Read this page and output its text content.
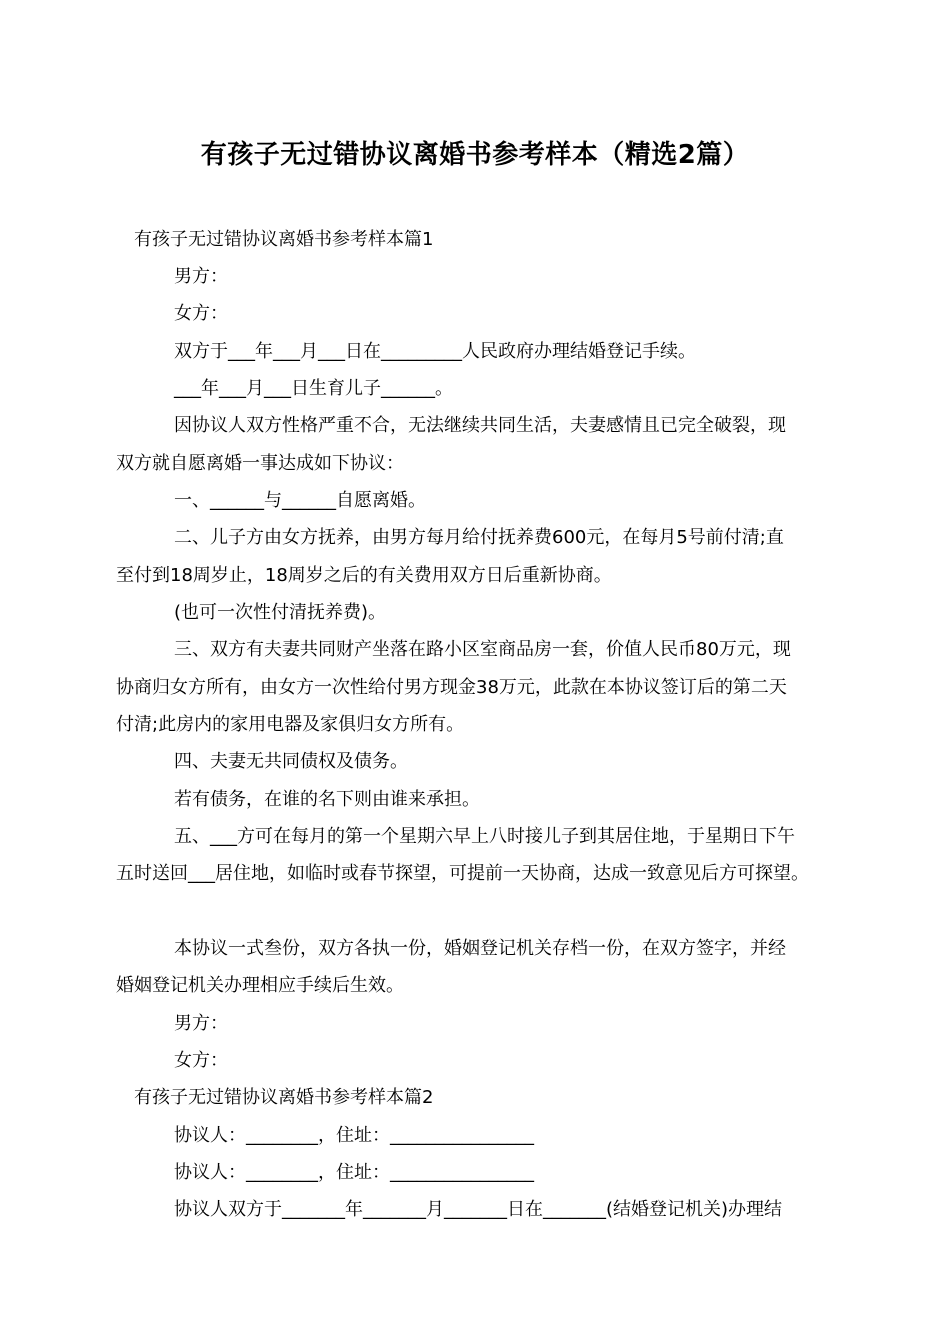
有孩子无过错协议离婚书参考样本（精选2篇）
有孩子无过错协议离婚书参考样本篇1
男方：
女方：
双方于___年___月___日在_________人民政府办理结婚登记手续。
___年___月___日生育儿子______。
因协议人双方性格严重不合，无法继续共同生活，夫妻感情且已完全破裂，现
双方就自愿离婚一事达成如下协议：
一、______与______自愿离婚。
二、儿子方由女方抚养，由男方每月给付抚养费600元，在每月5号前付清;直
至付到18周岁止，18周岁之后的有关费用双方日后重新协商。
(也可一次性付清抚养费)。
三、双方有夫妻共同财产坐落在路小区室商品房一套，价值人民币80万元，现
协商归女方所有，由女方一次性给付男方现金38万元，此款在本协议签订后的第二天
付清;此房内的家用电器及家俱归女方所有。
四、夫妻无共同债权及债务。
若有债务，在谁的名下则由谁来承担。
五、___方可在每月的第一个星期六早上八时接儿子到其居住地，于星期日下午
五时送回___居住地，如临时或春节探望，可提前一天协商，达成一致意见后方可探望。
本协议一式叁份，双方各执一份，婚姻登记机关存档一份，在双方签字，并经
婚姻登记机关办理相应手续后生效。
男方：
女方：
有孩子无过错协议离婚书参考样本篇2
协议人：________，住址：________________
协议人：________，住址：________________
协议人双方于_______年_______月_______日在_______(结婚登记机关)办理结
